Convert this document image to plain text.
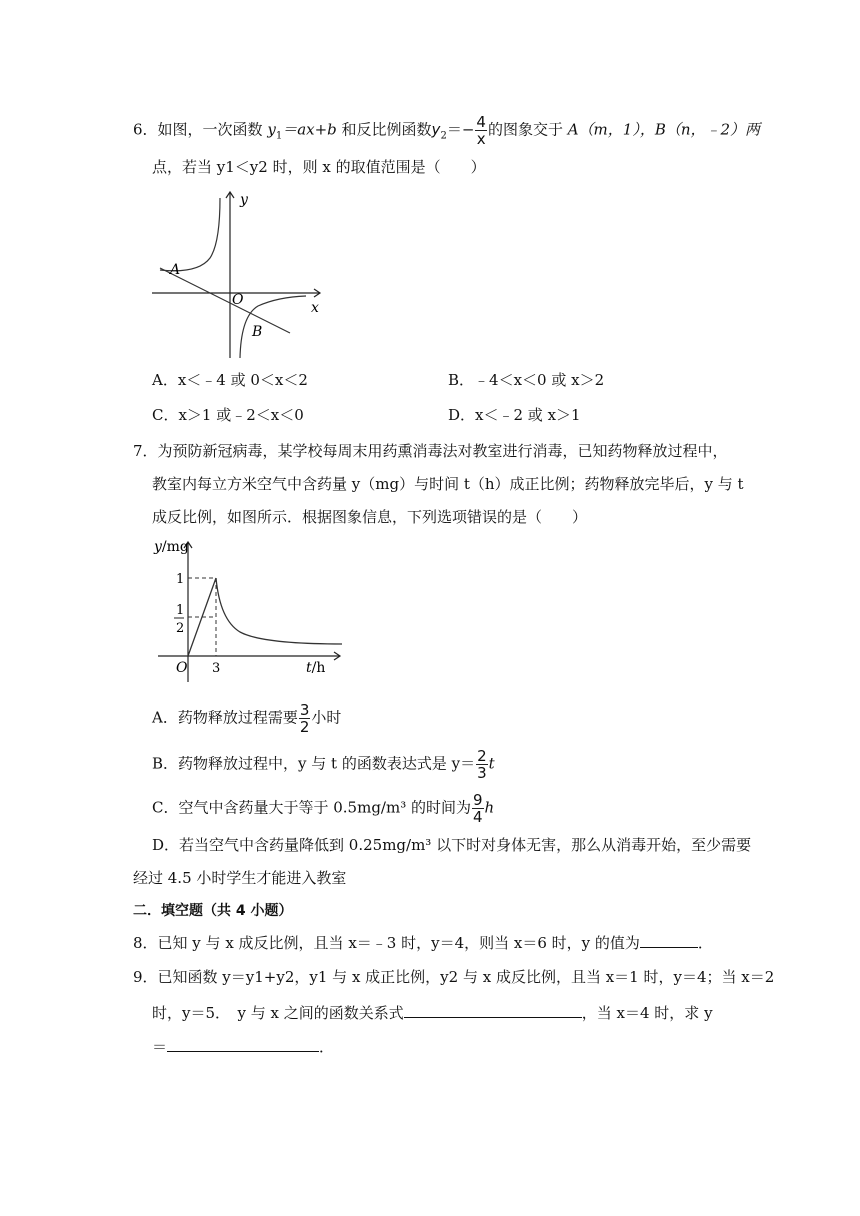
6．如图，一次函数 $y_1=ax+b$ 和反比例函数$y_2=- \frac{4}{x}$ 的图象交于 A（m，1），B（n，﹣2）两
点，若当 y1＜y2 时，则 x 的取值范围是（　　）
y
x
O
A
B
A．x＜﹣4 或 0＜x＜2	B．﹣4＜x＜0 或 x＞2
C．x＞1 或﹣2＜x＜0	D．x＜﹣2 或 x＞1
7．为预防新冠病毒，某学校每周末用药熏消毒法对教室进行消毒，已知药物释放过程中，
教室内每立方米空气中含药量 y（mg）与时间 t（h）成正比例；药物释放完毕后，y 与 t
成反比例，如图所示．根据图象信息，下列选项错误的是（　　）
y/mg
1
1
2
3
O	t/h
A．药物释放过程需要 $\frac{3}{2}$ 小时
B．药物释放过程中，y 与 t 的函数表达式是 $y= \frac{2}{3}$ t
C．空气中含药量大于等于 0.5mg/m³ 的时间为 $\frac{9}{4}$ h
D．若当空气中含药量降低到 0.25mg/m³ 以下时对身体无害，那么从消毒开始，至少需要
经过 4.5 小时学生才能进入教室
二．填空题（共 4 小题）
8．已知 y 与 x 成反比例，且当 x＝﹣3 时，y＝4，则当 x＝6 时，y 的值为	．
9．已知函数 y＝y1+y2，y1 与 x 成正比例，y2 与 x 成反比例，且当 x＝1 时，y＝4；当 x＝2
时，y＝5．　y 与 x 之间的函数关系式	，当 x＝4 时，求 y
＝	．
